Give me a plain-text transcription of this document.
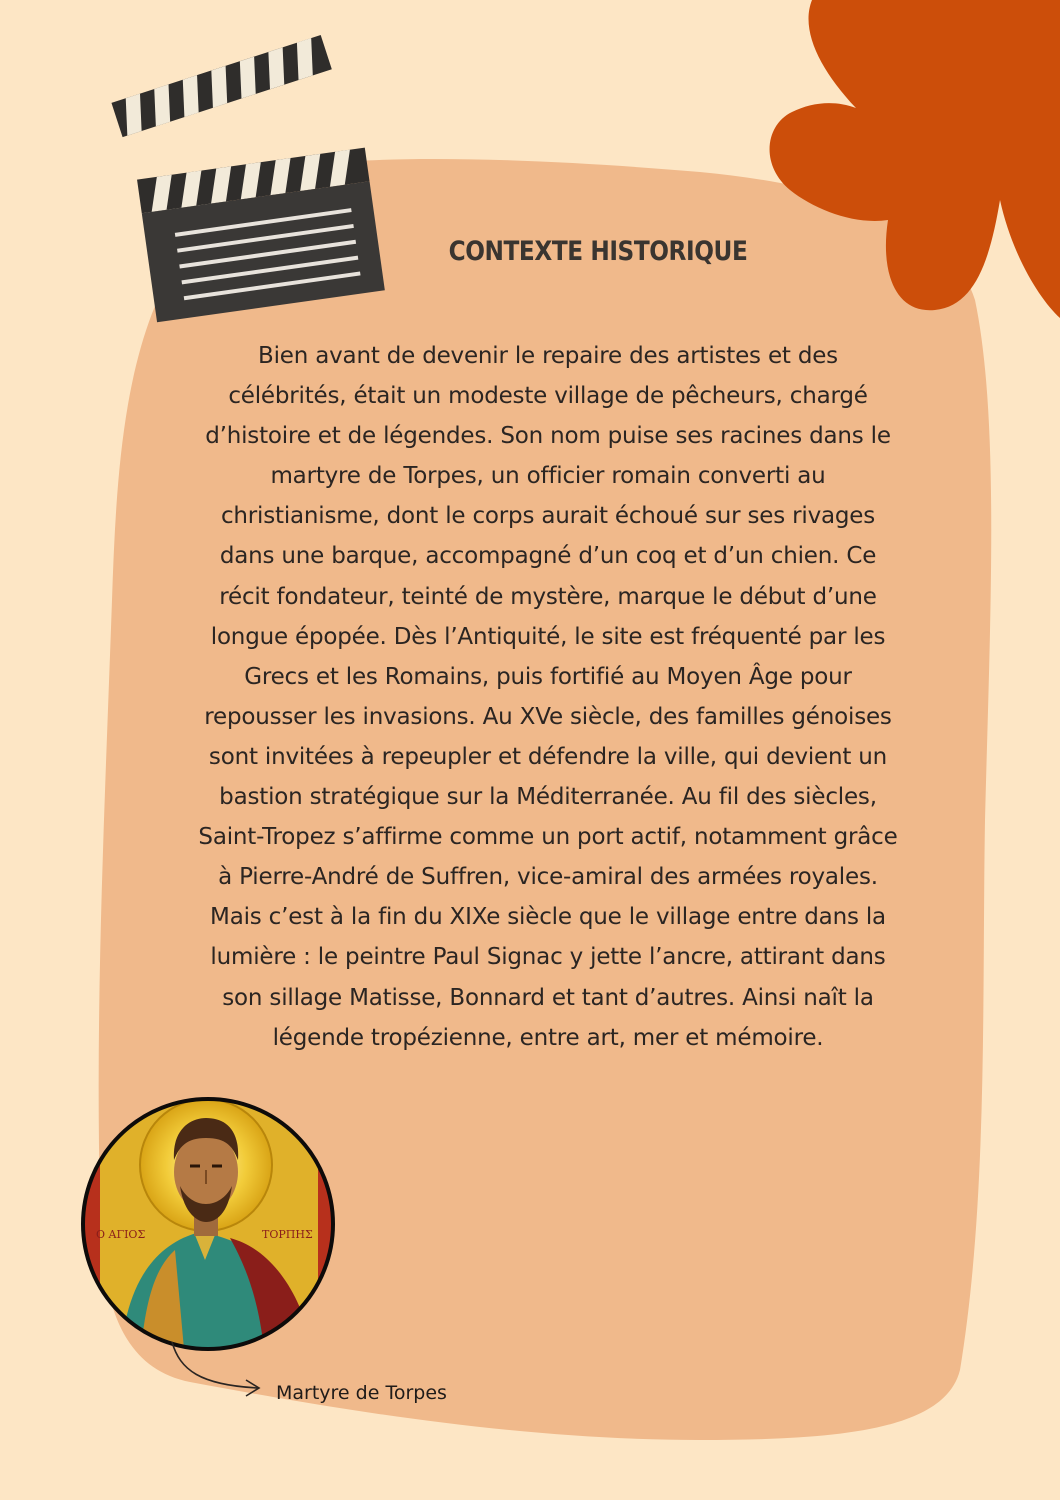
Ο ΑΓΙΟΣ	ΤΟΡΠΗΣ
CONTEXTE HISTORIQUE

Bien avant de devenir le repaire des artistes et des célébrités, était un modeste village de pêcheurs, chargé d’histoire et de légendes. Son nom puise ses racines dans le martyre de Torpes, un officier romain converti au christianisme, dont le corps aurait échoué sur ses rivages dans une barque, accompagné d’un coq et d’un chien. Ce récit fondateur, teinté de mystère, marque le début d’une longue épopée. Dès l’Antiquité, le site est fréquenté par les Grecs et les Romains, puis fortifié au Moyen Âge pour repousser les invasions. Au XVe siècle, des familles génoises sont invitées à repeupler et défendre la ville, qui devient un bastion stratégique sur la Méditerranée. Au fil des siècles, Saint-Tropez s’affirme comme un port actif, notamment grâce à Pierre-André de Suffren, vice-amiral des armées royales. Mais c’est à la fin du XIXe siècle que le village entre dans la lumière : le peintre Paul Signac y jette l’ancre, attirant dans son sillage Matisse, Bonnard et tant d’autres. Ainsi naît la légende tropézienne, entre art, mer et mémoire.

Martyre de Torpes
